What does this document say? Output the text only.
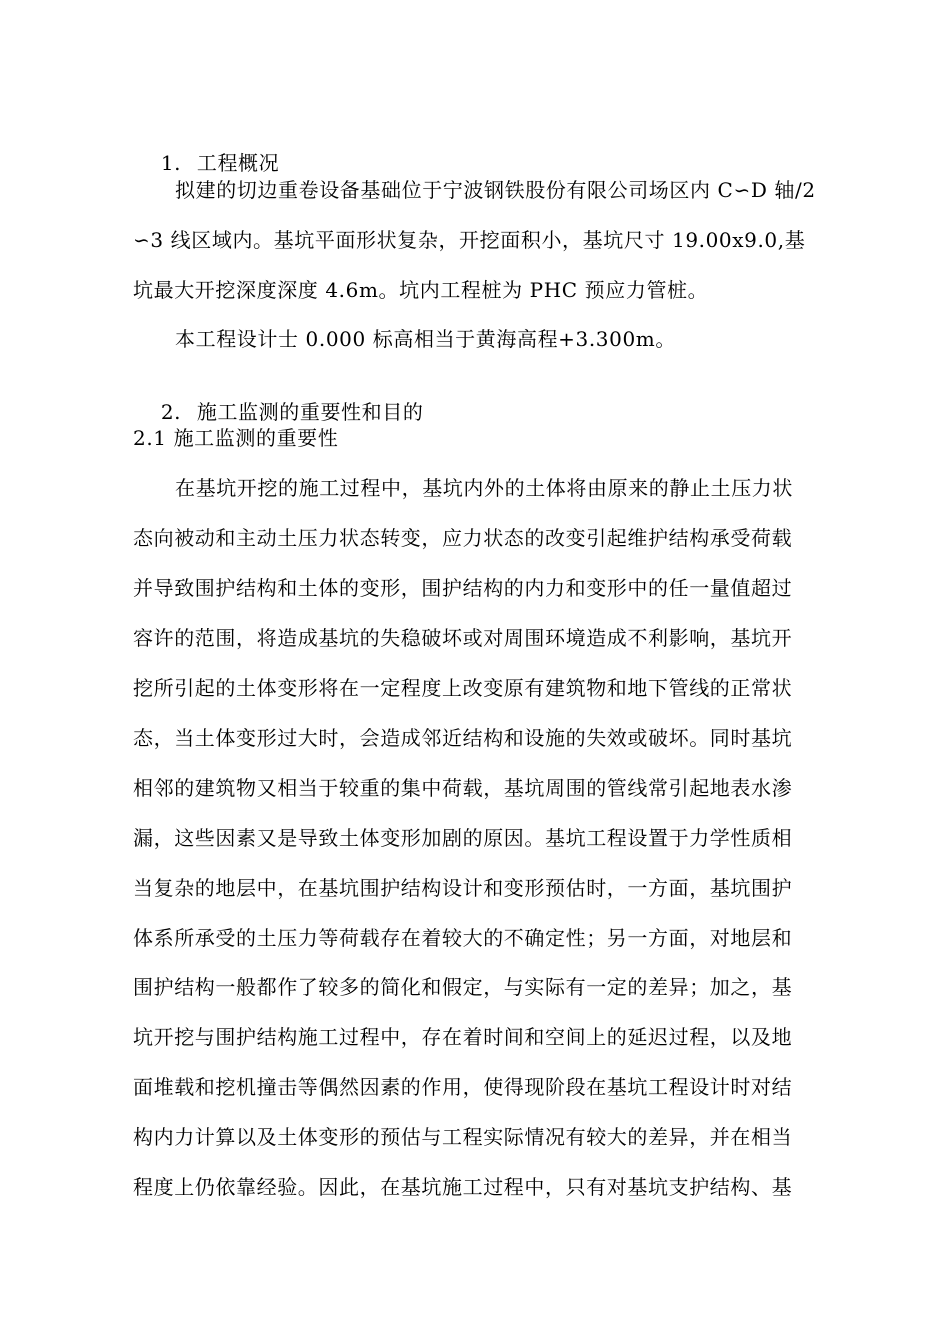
1. 工程概况

拟建的切边重卷设备基础位于宁波钢铁股份有限公司场区内 C∽D 轴/2
∽3 线区域内。基坑平面形状复杂，开挖面积小，基坑尺寸 19.00x9.0,基
坑最大开挖深度深度 4.6m。坑内工程桩为 PHC 预应力管桩。
本工程设计士 0.000 标高相当于黄海高程+3.300m。

2. 施工监测的重要性和目的

2.1 施工监测的重要性
在基坑开挖的施工过程中，基坑内外的土体将由原来的静止土压力状
态向被动和主动土压力状态转变，应力状态的改变引起维护结构承受荷载
并导致围护结构和土体的变形，围护结构的内力和变形中的任一量值超过
容许的范围，将造成基坑的失稳破坏或对周围环境造成不利影响，基坑开
挖所引起的土体变形将在一定程度上改变原有建筑物和地下管线的正常状
态，当土体变形过大时，会造成邻近结构和设施的失效或破坏。同时基坑
相邻的建筑物又相当于较重的集中荷载，基坑周围的管线常引起地表水渗
漏，这些因素又是导致土体变形加剧的原因。基坑工程设置于力学性质相
当复杂的地层中，在基坑围护结构设计和变形预估时，一方面，基坑围护
体系所承受的土压力等荷载存在着较大的不确定性；另一方面，对地层和
围护结构一般都作了较多的简化和假定，与实际有一定的差异；加之，基
坑开挖与围护结构施工过程中，存在着时间和空间上的延迟过程，以及地
面堆载和挖机撞击等偶然因素的作用，使得现阶段在基坑工程设计时对结
构内力计算以及土体变形的预估与工程实际情况有较大的差异，并在相当
程度上仍依靠经验。因此，在基坑施工过程中，只有对基坑支护结构、基
